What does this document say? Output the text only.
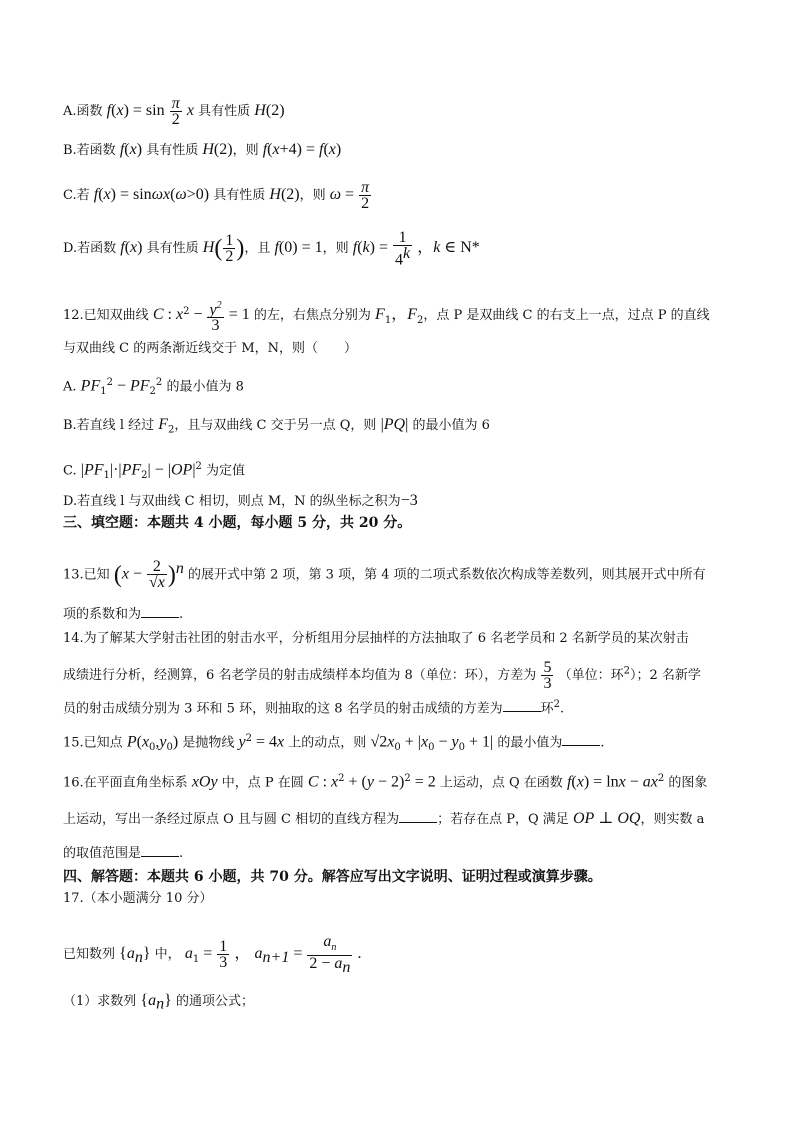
A.函数 $f(x) = \sin \frac{\pi}{2}$ x 具有性质 H(2)
B.若函数 f(x) 具有性质 H(2)，则 f(x+4) = f(x)
C.若 f(x) = sinωx(ω>0) 具有性质 H(2)，则 $\omega = \frac{\pi}{2}$
D.若函数 f(x) 具有性质 $H( \frac{1}{2}$ )，且 f(0) = 1，则 $f(k) = \frac{1}{4^k}$ ，k ∈ N*
12.已知双曲线 C : $x^2 - \frac{y^2}{3} = 1$ 的左，右焦点分别为 $F_1$，$F_2$，点 P 是双曲线 C 的右支上一点，过点 P 的直线
与双曲线 C 的两条渐近线交于 M，N，则（　　）
A. $PF_1^2 - PF_2^2$ 的最小值为 8
B.若直线 l 经过 $F_2$，且与双曲线 C 交于另一点 Q，则 |PQ| 的最小值为 6
C. $|PF_1|\cdot|PF_2| - |OP|^2$ 为定值
D.若直线 l 与双曲线 C 相切，则点 M，N 的纵坐标之积为−3
三、填空题：本题共 4 小题，每小题 5 分，共 20 分。
13.已知 $(x - \frac{2}{√x} )^n$ 的展开式中第 2 项，第 3 项，第 4 项的二项式系数依次构成等差数列，则其展开式中所有
项的系数和为	.
14.为了解某大学射击社团的射击水平，分析组用分层抽样的方法抽取了 6 名老学员和 2 名新学员的某次射击
成绩进行分析，经测算，6 名老学员的射击成绩样本均值为 8（单位：环），方差为 $\frac{5}{3}$ （单位：环$^2$）；2 名新学
员的射击成绩分别为 3 环和 5 环，则抽取的这 8 名学员的射击成绩的方差为	环$^2$.
15.已知点 $P(x_0,y_0)$ 是抛物线 $y^2 = 4x$ 上的动点，则 $√2x_0 + |x_0 - y_0 + 1|$ 的最小值为	.
16.在平面直角坐标系 xOy 中，点 P 在圆 C : $x^2 + (y - 2)^2 = 2$ 上运动，点 Q 在函数 $f(x) = \ln x - ax^2$ 的图象
上运动，写出一条经过原点 O 且与圆 C 相切的直线方程为	；若存在点 P，Q 满足 OP ⊥ OQ，则实数 a
的取值范围是	.
四、解答题：本题共 6 小题，共 70 分。解答应写出文字说明、证明过程或演算步骤。
17.（本小题满分 10 分）
已知数列 $\{a_n\}$ 中， $a_1 = \frac{1}{3}$ ， $a_{n+1} = \frac{a_n}{2 - a_n}$ .
（1）求数列 $\{a_n\}$ 的通项公式；
